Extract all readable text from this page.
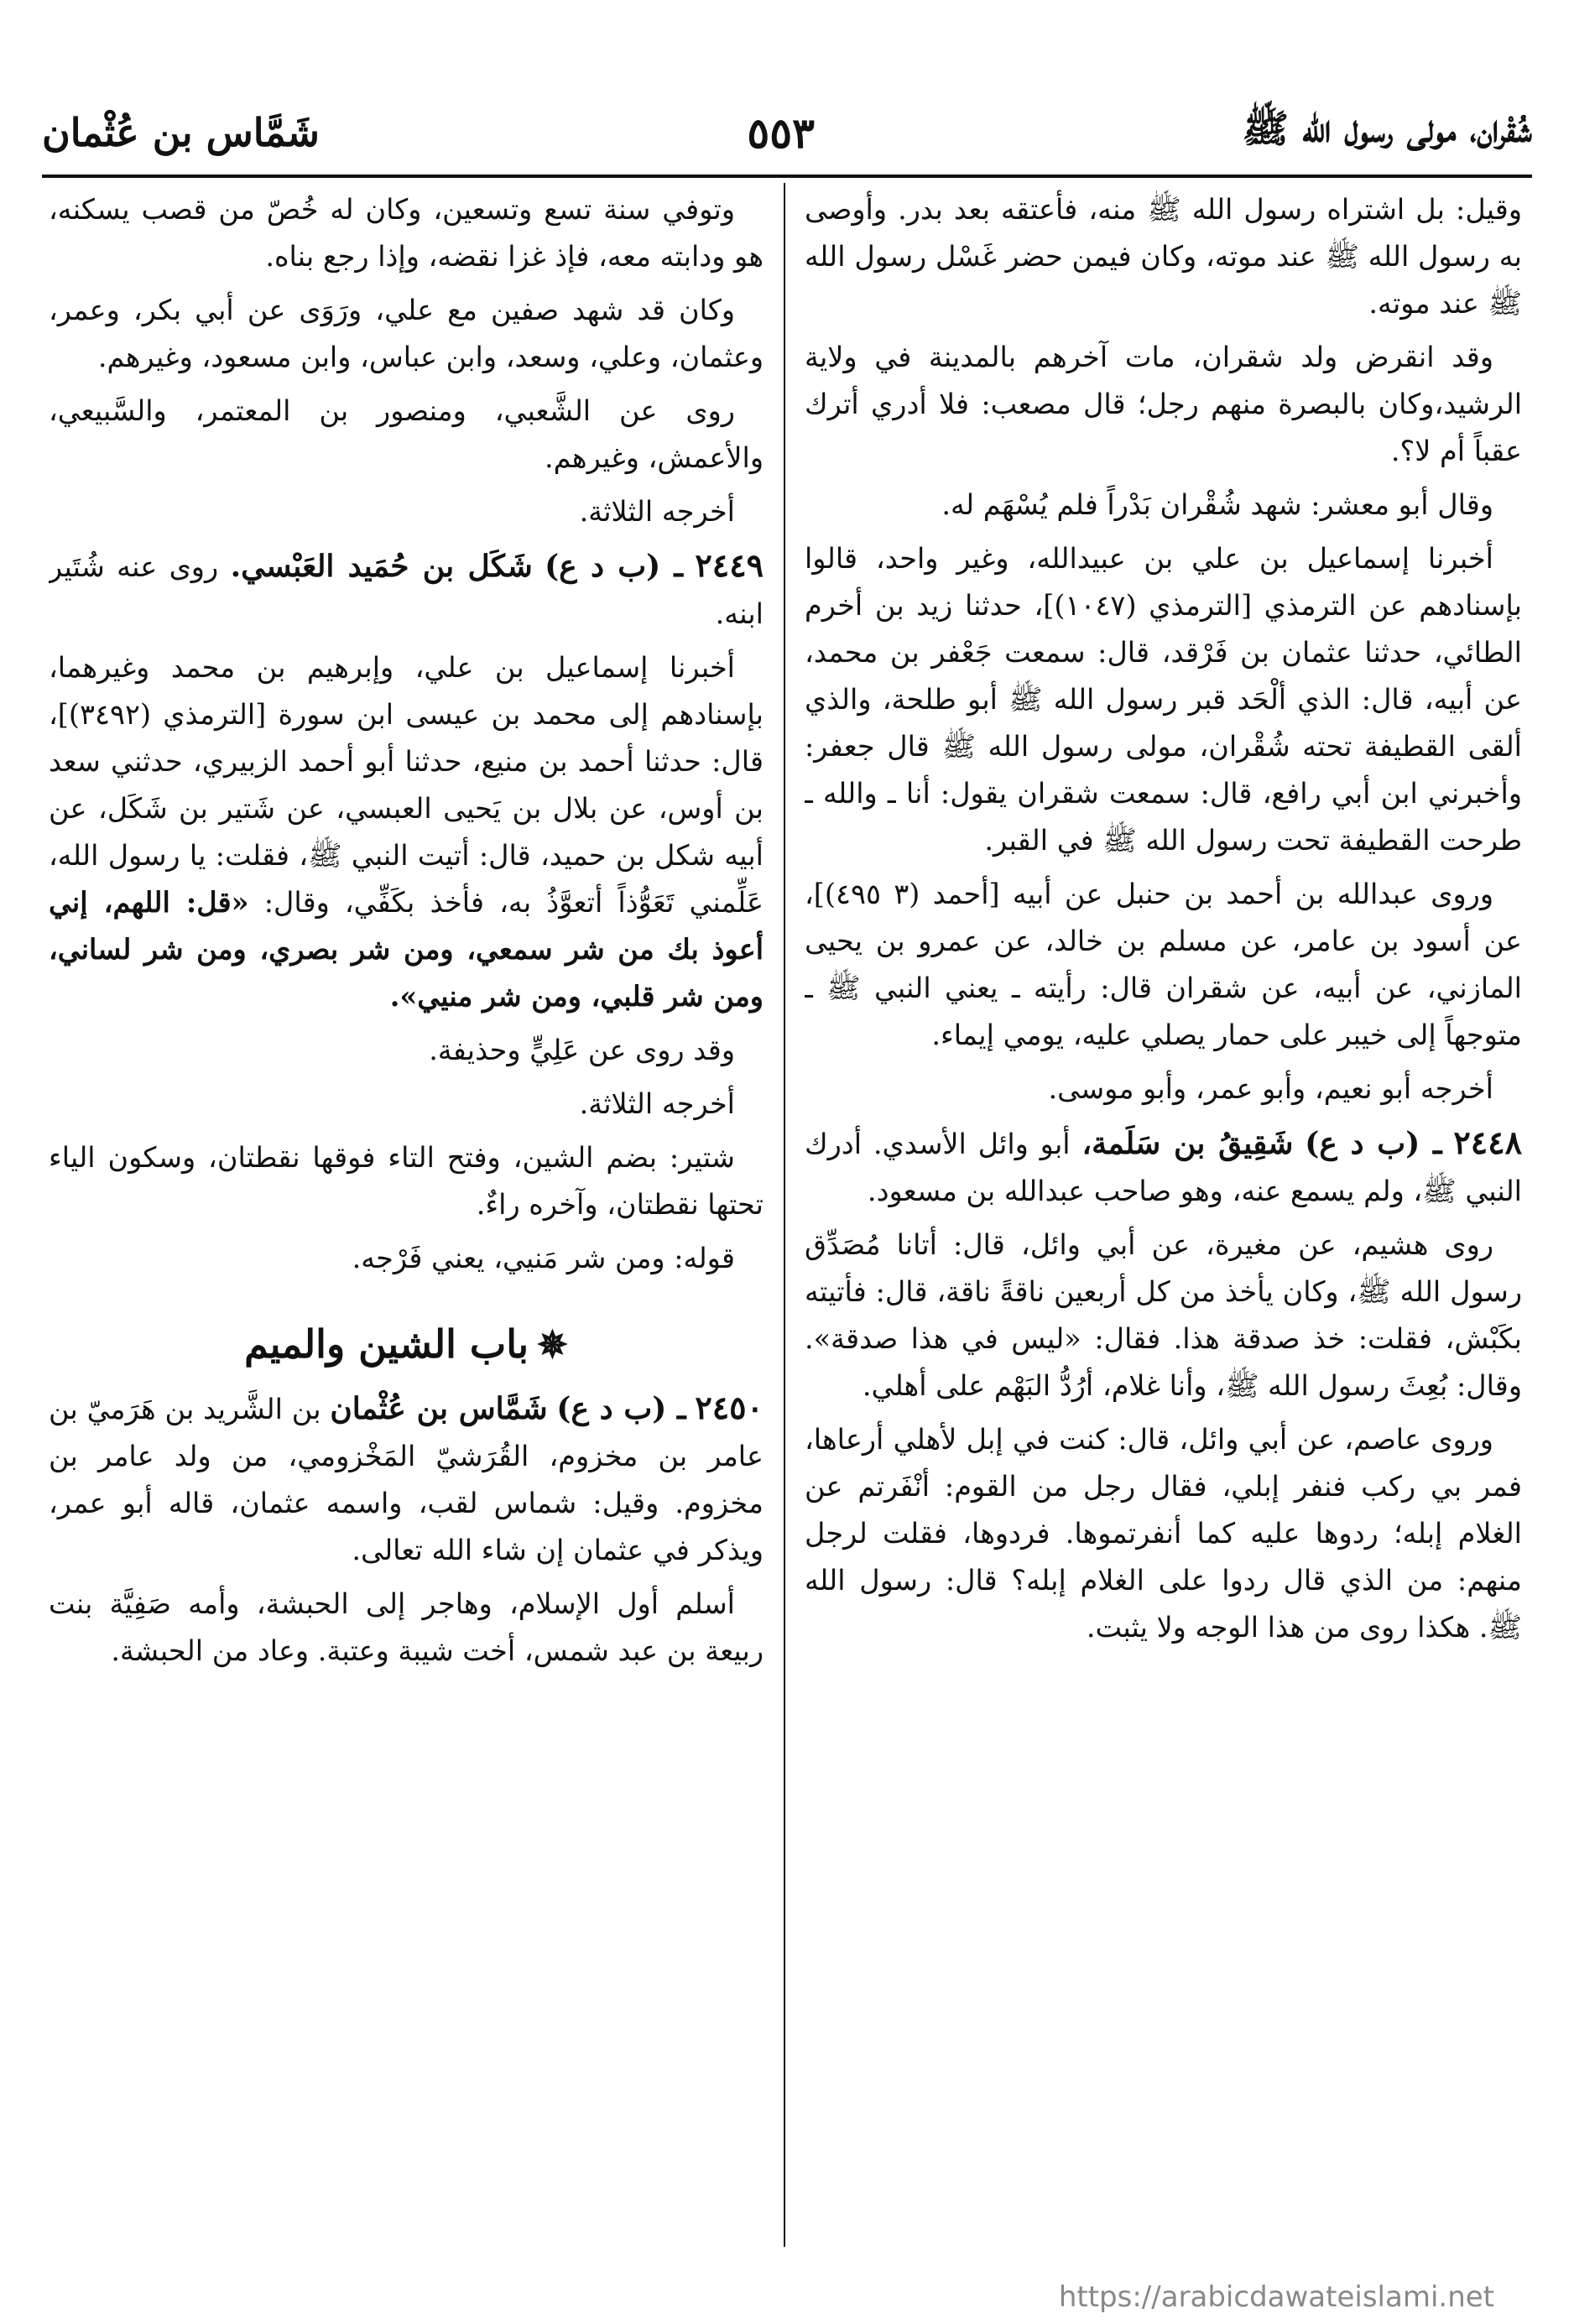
شُقْران، مولى رسول الله ﷺ
٥٥٣
شَمَّاس بن عُثْمان

وقيل: بل اشتراه رسول الله ﷺ منه، فأعتقه بعد بدر. وأوصى به رسول الله ﷺ عند موته، وكان فيمن حضر غَسْل رسول الله ﷺ عند موته.

وقد انقرض ولد شقران، مات آخرهم بالمدينة في ولاية الرشيد،وكان بالبصرة منهم رجل؛ قال مصعب: فلا أدري أترك عقباً أم لا؟.

وقال أبو معشر: شهد شُقْران بَدْراً فلم يُسْهَم له.

أخبرنا إسماعيل بن علي بن عبيدالله، وغير واحد، قالوا بإسنادهم عن الترمذي [الترمذي (١٠٤٧)]، حدثنا زيد بن أخرم الطائي، حدثنا عثمان بن فَرْقد، قال: سمعت جَعْفر بن محمد، عن أبيه، قال: الذي ألْحَد قبر رسول الله ﷺ أبو طلحة، والذي ألقى القطيفة تحته شُقْران، مولى رسول الله ﷺ قال جعفر: وأخبرني ابن أبي رافع، قال: سمعت شقران يقول: أنا ـ والله ـ طرحت القطيفة تحت رسول الله ﷺ في القبر.

وروى عبدالله بن أحمد بن حنبل عن أبيه [أحمد (٣ ٤٩٥)]، عن أسود بن عامر، عن مسلم بن خالد، عن عمرو بن يحيى المازني، عن أبيه، عن شقران قال: رأيته ـ يعني النبي ﷺ ـ متوجهاً إلى خيبر على حمار يصلي عليه، يومي إيماء.

أخرجه أبو نعيم، وأبو عمر، وأبو موسى.

٢٤٤٨ ـ (ب د ع) شَقِيقُ بن سَلَمة، أبو وائل الأسدي. أدرك النبي ﷺ، ولم يسمع عنه، وهو صاحب عبدالله بن مسعود.

روى هشيم، عن مغيرة، عن أبي وائل، قال: أتانا مُصَدِّق رسول الله ﷺ، وكان يأخذ من كل أربعين ناقةً ناقة، قال: فأتيته بكَبْش، فقلت: خذ صدقة هذا. فقال: «ليس في هذا صدقة». وقال: بُعِثَ رسول الله ﷺ، وأنا غلام، أرُدُّ البَهْم على أهلي.

وروى عاصم، عن أبي وائل، قال: كنت في إبل لأهلي أرعاها، فمر بي ركب فنفر إبلي، فقال رجل من القوم: أنْفَرتم عن الغلام إبله؛ ردوها عليه كما أنفرتموها. فردوها، فقلت لرجل منهم: من الذي قال ردوا على الغلام إبله؟ قال: رسول الله ﷺ. هكذا روى من هذا الوجه ولا يثبت.

وتوفي سنة تسع وتسعين، وكان له خُصّ من قصب يسكنه، هو ودابته معه، فإذ غزا نقضه، وإذا رجع بناه.

وكان قد شهد صفين مع علي، ورَوَى عن أبي بكر، وعمر، وعثمان، وعلي، وسعد، وابن عباس، وابن مسعود، وغيرهم.

روى عن الشَّعبي، ومنصور بن المعتمر، والسَّبيعي، والأعمش، وغيرهم.

أخرجه الثلاثة.

٢٤٤٩ ـ (ب د ع) شَكَل بن حُمَيد العَبْسي. روى عنه شُتَير ابنه.

أخبرنا إسماعيل بن علي، وإبرهيم بن محمد وغيرهما، بإسنادهم إلى محمد بن عيسى ابن سورة [الترمذي (٣٤٩٢)]، قال: حدثنا أحمد بن منيع، حدثنا أبو أحمد الزبيري، حدثني سعد بن أوس، عن بلال بن يَحيى العبسي، عن شَتير بن شَكَل، عن أبيه شكل بن حميد، قال: أتيت النبي ﷺ، فقلت: يا رسول الله، عَلِّمني تَعَوُّذاً أتعوَّذُ به، فأخذ بكَفِّي، وقال: «قل: اللهم، إني أعوذ بك من شر سمعي، ومن شر بصري، ومن شر لساني، ومن شر قلبي، ومن شر منيي».

وقد روى عن عَلِيٍّ وحذيفة.

أخرجه الثلاثة.

شتير: بضم الشين، وفتح التاء فوقها نقطتان، وسكون الياء تحتها نقطتان، وآخره راءٌ.

قوله: ومن شر مَنيي، يعني فَرْجه.

✵باب الشين والميم

٢٤٥٠ ـ (ب د ع) شَمَّاس بن عُثْمان بن الشَّريد بن هَرَميّ بن عامر بن مخزوم، القُرَشيّ المَخْزومي، من ولد عامر بن مخزوم. وقيل: شماس لقب، واسمه عثمان، قاله أبو عمر، ويذكر في عثمان إن شاء الله تعالى.

أسلم أول الإسلام، وهاجر إلى الحبشة، وأمه صَفِيَّة بنت ربيعة بن عبد شمس، أخت شيبة وعتبة. وعاد من الحبشة.

https://arabicdawateislami.net
